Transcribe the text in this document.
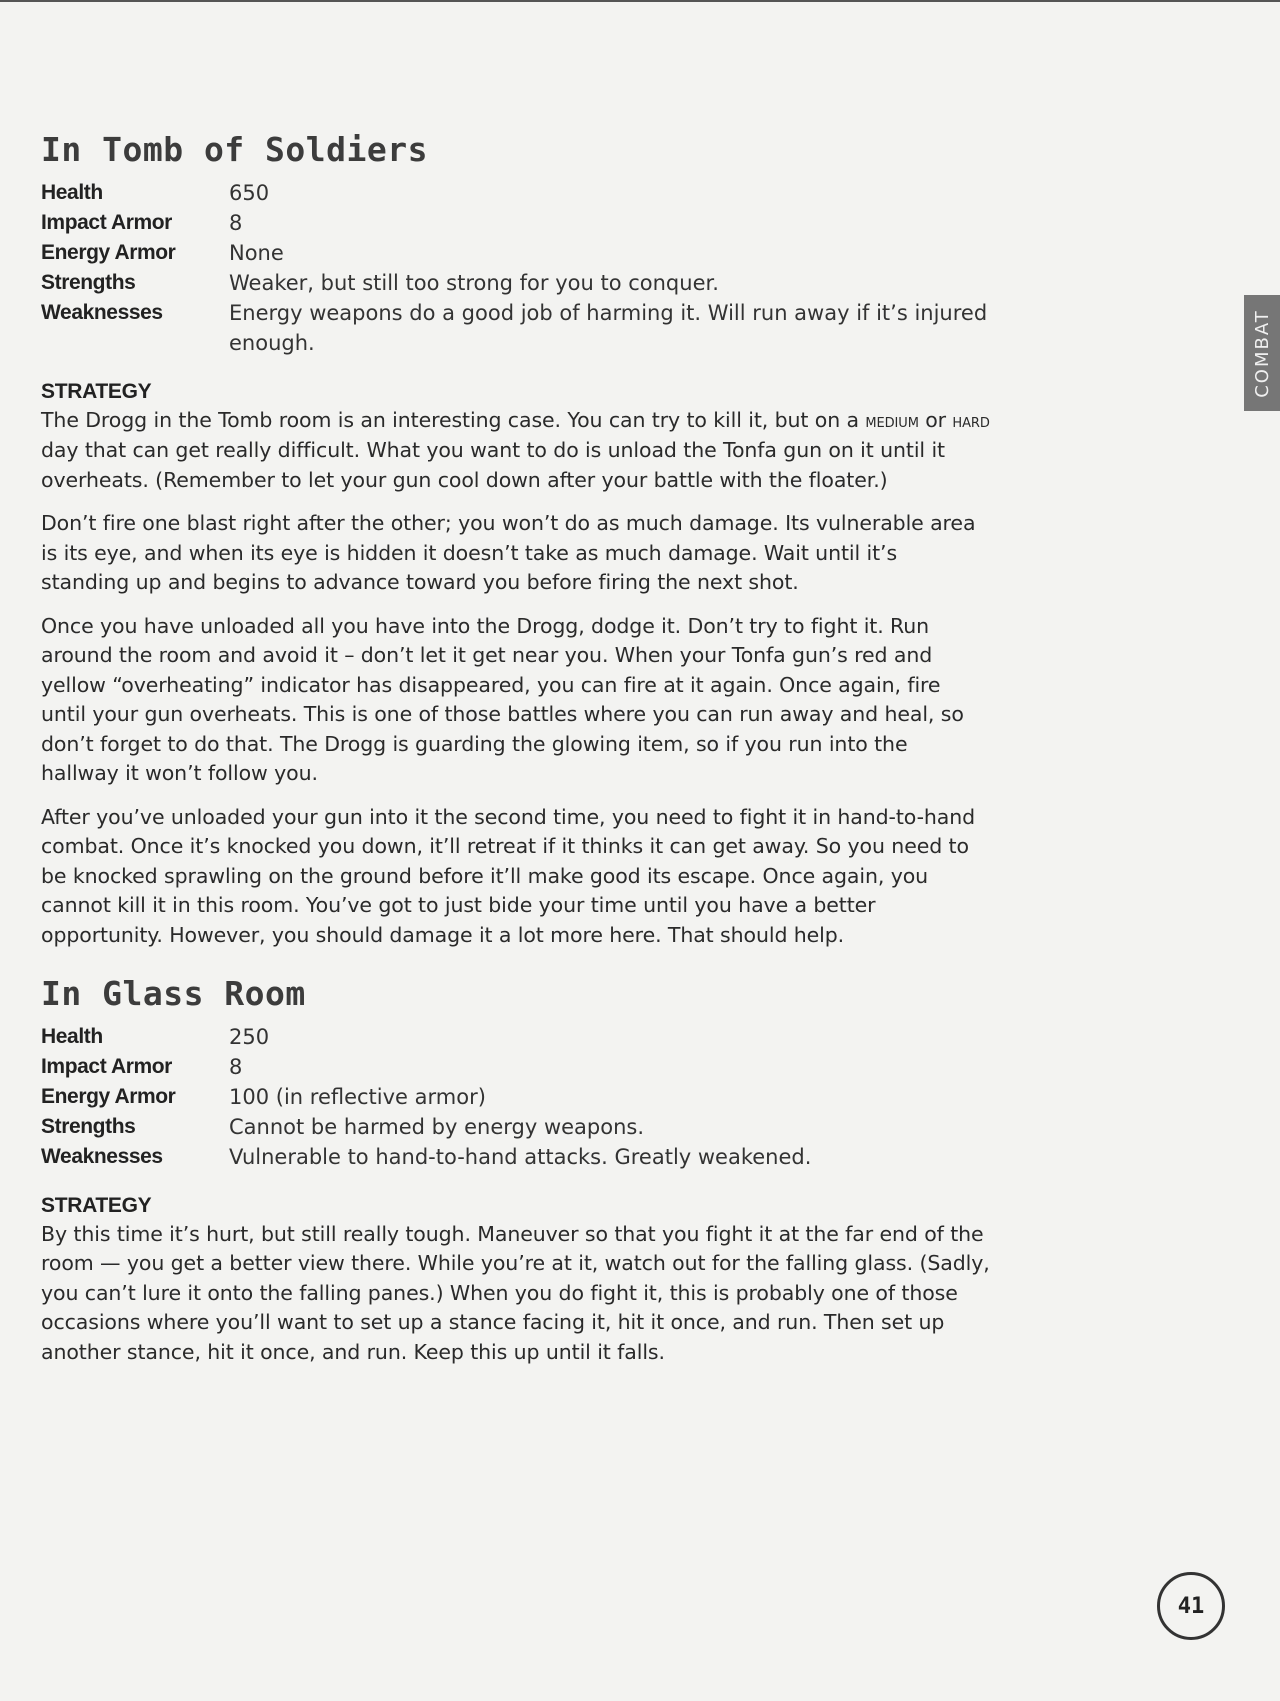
In Tomb of Soldiers
Health	650
Impact Armor	8
Energy Armor	None
Strengths	Weaker, but still too strong for you to conquer.
Weaknesses	Energy weapons do a good job of harming it. Will run away if it’s injured enough.
STRATEGY

The Drogg in the Tomb room is an interesting case. You can try to kill it, but on a medium or hard day that can get really difficult. What you want to do is unload the Tonfa gun on it until it overheats. (Remember to let your gun cool down after your battle with the floater.)

Don’t fire one blast right after the other; you won’t do as much damage. Its vulnerable area is its eye, and when its eye is hidden it doesn’t take as much damage. Wait until it’s standing up and begins to advance toward you before firing the next shot.

Once you have unloaded all you have into the Drogg, dodge it. Don’t try to fight it. Run around the room and avoid it – don’t let it get near you. When your Tonfa gun’s red and yellow “overheating” indicator has disappeared, you can fire at it again. Once again, fire until your gun overheats. This is one of those battles where you can run away and heal, so don’t forget to do that. The Drogg is guarding the glowing item, so if you run into the hallway it won’t follow you.

After you’ve unloaded your gun into it the second time, you need to fight it in hand-to-hand combat. Once it’s knocked you down, it’ll retreat if it thinks it can get away. So you need to be knocked sprawling on the ground before it’ll make good its escape. Once again, you cannot kill it in this room. You’ve got to just bide your time until you have a better opportunity. However, you should damage it a lot more here. That should help.

In Glass Room
Health	250
Impact Armor	8
Energy Armor	100 (in reflective armor)
Strengths	Cannot be harmed by energy weapons.
Weaknesses	Vulnerable to hand-to-hand attacks. Greatly weakened.
STRATEGY

By this time it’s hurt, but still really tough. Maneuver so that you fight it at the far end of the room — you get a better view there. While you’re at it, watch out for the falling glass. (Sadly, you can’t lure it onto the falling panes.) When you do fight it, this is probably one of those occasions where you’ll want to set up a stance facing it, hit it once, and run. Then set up another stance, hit it once, and run. Keep this up until it falls.

COMBAT
41
